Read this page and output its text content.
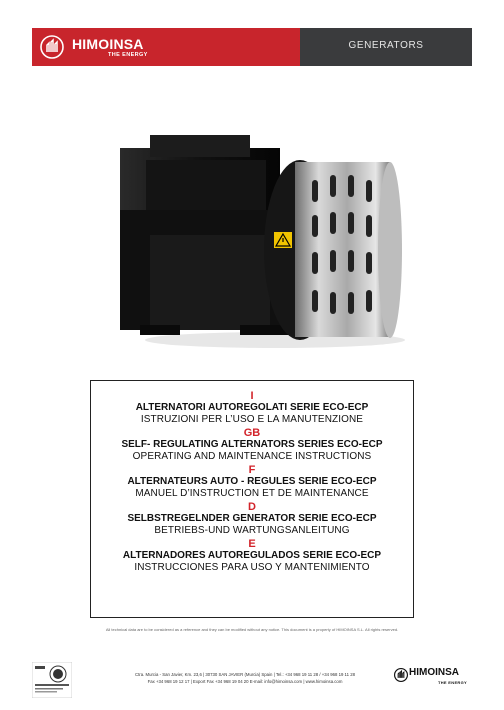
HIMOINSA
THE ENERGY
GENERATORS
I
ALTERNATORI AUTOREGOLATI SERIE ECO-ECP
ISTRUZIONI PER L’USO E LA MANUTENZIONE
GB
SELF- REGULATING ALTERNATORS SERIES ECO-ECP
OPERATING AND MAINTENANCE INSTRUCTIONS
F
ALTERNATEURS AUTO - REGULES SERIE ECO-ECP
MANUEL D’INSTRUCTION ET DE MAINTENANCE
D
SELBSTREGELNDER GENERATOR SERIE ECO-ECP
BETRIEBS-UND WARTUNGSANLEITUNG
E
ALTERNADORES AUTOREGULADOS SERIE ECO-ECP
INSTRUCCIONES PARA USO Y MANTENIMIENTO
All technical data are to be considered as a reference and they can be modified without any notice. This document is a property of HIMOINSA S.L. All rights reserved.
Ctra. Murcia - San Javier, Km. 23,6 | 30730 SAN JAVIER (Murcia) Spain | Tel.: +34 968 19 11 28 / +34 968 19 11 28
Fax +34 968 19 12 17 | Export Fax +34 968 19 04 20 E-mail: info@himoinsa.com | www.himoinsa.com
HIMOINSA
THE ENERGY
